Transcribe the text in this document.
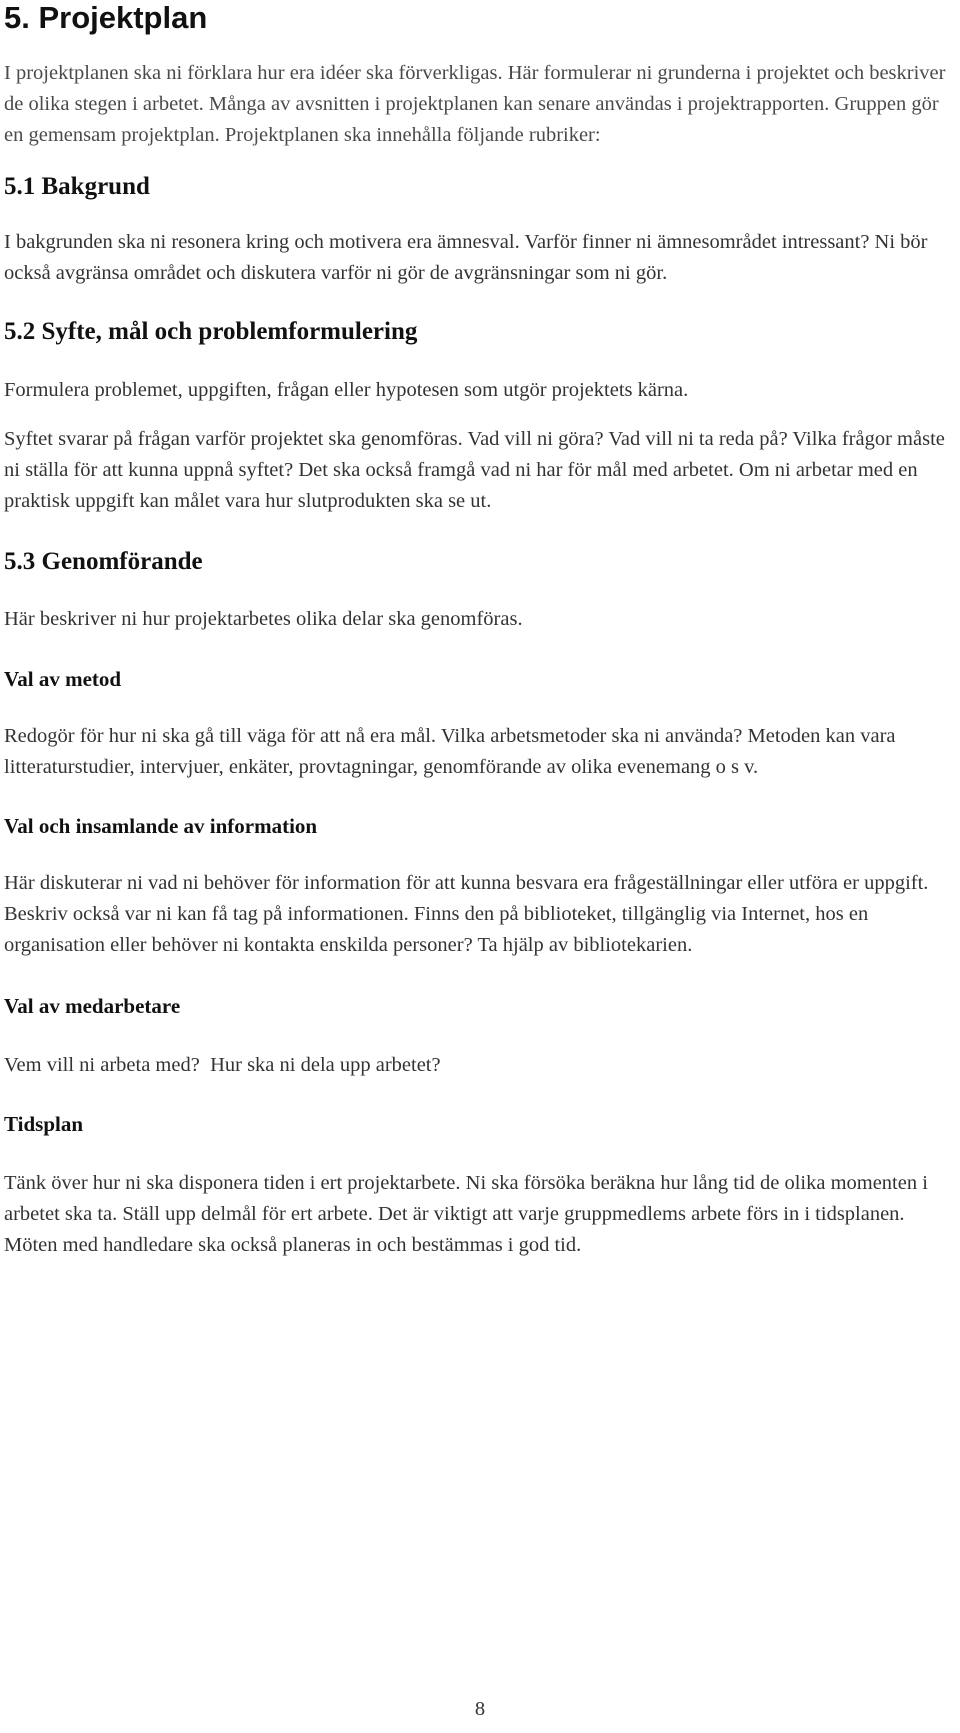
5. Projektplan

I projektplanen ska ni förklara hur era idéer ska förverkligas. Här formulerar ni grunderna i projektet och beskriver de olika stegen i arbetet. Många av avsnitten i projektplanen kan senare användas i projektrapporten. Gruppen gör en gemensam projektplan. Projektplanen ska innehålla följande rubriker:

5.1 Bakgrund

I bakgrunden ska ni resonera kring och motivera era ämnesval. Varför finner ni ämnesområdet intressant? Ni bör också avgränsa området och diskutera varför ni gör de avgränsningar som ni gör.

5.2 Syfte, mål och problemformulering

Formulera problemet, uppgiften, frågan eller hypotesen som utgör projektets kärna.

Syftet svarar på frågan varför projektet ska genomföras. Vad vill ni göra? Vad vill ni ta reda på? Vilka frågor måste ni ställa för att kunna uppnå syftet? Det ska också framgå vad ni har för mål med arbetet. Om ni arbetar med en praktisk uppgift kan målet vara hur slutprodukten ska se ut.

5.3 Genomförande

Här beskriver ni hur projektarbetes olika delar ska genomföras.

Val av metod

Redogör för hur ni ska gå till väga för att nå era mål. Vilka arbetsmetoder ska ni använda? Metoden kan vara litteraturstudier, intervjuer, enkäter, provtagningar, genomförande av olika evenemang o s v.

Val och insamlande av information

Här diskuterar ni vad ni behöver för information för att kunna besvara era frågeställningar eller utföra er uppgift. Beskriv också var ni kan få tag på informationen. Finns den på biblioteket, tillgänglig via Internet, hos en organisation eller behöver ni kontakta enskilda personer? Ta hjälp av bibliotekarien.

Val av medarbetare

Vem vill ni arbeta med?  Hur ska ni dela upp arbetet?

Tidsplan

Tänk över hur ni ska disponera tiden i ert projektarbete. Ni ska försöka beräkna hur lång tid de olika momenten i arbetet ska ta. Ställ upp delmål för ert arbete. Det är viktigt att varje gruppmedlems arbete förs in i tidsplanen. Möten med handledare ska också planeras in och bestämmas i god tid.

8
